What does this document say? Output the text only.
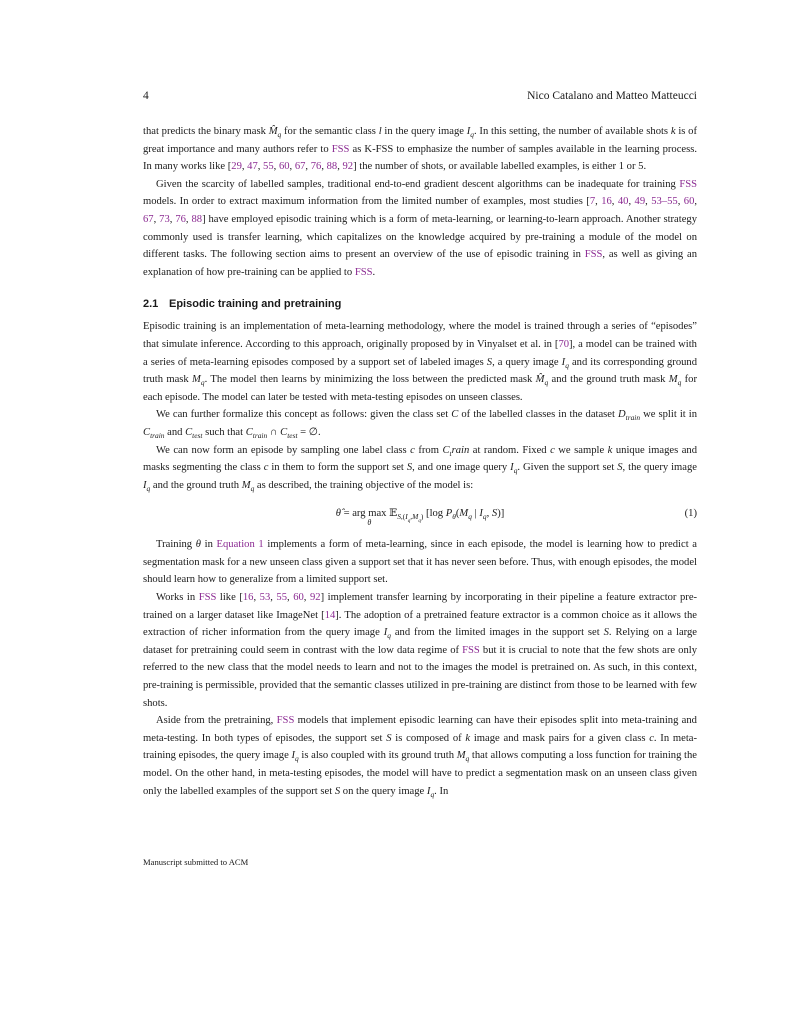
4	Nico Catalano and Matteo Matteucci

that predicts the binary mask $M̂_q$ for the semantic class l in the query image $I_q$. In this setting, the number of available shots k is of great importance and many authors refer to FSS as K-FSS to emphasize the number of samples available in the learning process. In many works like [29, 47, 55, 60, 67, 76, 88, 92] the number of shots, or available labelled examples, is either 1 or 5.

Given the scarcity of labelled samples, traditional end-to-end gradient descent algorithms can be inadequate for training FSS models. In order to extract maximum information from the limited number of examples, most studies [7, 16, 40, 49, 53–55, 60, 67, 73, 76, 88] have employed episodic training which is a form of meta-learning, or learning-to-learn approach. Another strategy commonly used is transfer learning, which capitalizes on the knowledge acquired by pre-training a module of the model on different tasks. The following section aims to present an overview of the use of episodic training in FSS, as well as giving an explanation of how pre-training can be applied to FSS.

2.1 Episodic training and pretraining

Episodic training is an implementation of meta-learning methodology, where the model is trained through a series of “episodes” that simulate inference. According to this approach, originally proposed by in Vinyalset et al. in [70], a model can be trained with a series of meta-learning episodes composed by a support set of labeled images S, a query image $I_q$ and its corresponding ground truth mask $M_q$. The model then learns by minimizing the loss between the predicted mask $M̂_q$ and the ground truth mask $M_q$ for each episode. The model can later be tested with meta-testing episodes on unseen classes.

We can further formalize this concept as follows: given the class set C of the labelled classes in the dataset $D_{train}$ we split it in $C_{train}$ and $C_{test}$ such that $C_{train}$ ∩ $C_{test}$ = ∅.

We can now form an episode by sampling one label class c from $C_train$ at random. Fixed c we sample k unique images and masks segmenting the class c in them to form the support set S, and one image query $I_q$. Given the support set S, the query image $I_q$ and the ground truth $M_q$ as described, the training objective of the model is:

θ̂ = arg max
θ
𝔼$_{S,(I_q,M_q)}$ [log $P_\theta(M_q$ | $I_q$, S)]	(1)

Training θ in Equation 1 implements a form of meta-learning, since in each episode, the model is learning how to predict a segmentation mask for a new unseen class given a support set that it has never seen before. Thus, with enough episodes, the model should learn how to generalize from a limited support set.

Works in FSS like [16, 53, 55, 60, 92] implement transfer learning by incorporating in their pipeline a feature extractor pre-trained on a larger dataset like ImageNet [14]. The adoption of a pretrained feature extractor is a common choice as it allows the extraction of richer information from the query image $I_q$ and from the limited images in the support set S. Relying on a large dataset for pretraining could seem in contrast with the low data regime of FSS but it is crucial to note that the few shots are only referred to the new class that the model needs to learn and not to the images the model is pretrained on. As such, in this context, pre-training is permissible, provided that the semantic classes utilized in pre-training are distinct from those to be learned with few shots.

Aside from the pretraining, FSS models that implement episodic learning can have their episodes split into meta-training and meta-testing. In both types of episodes, the support set S is composed of k image and mask pairs for a given class c. In meta-training episodes, the query image $I_q$ is also coupled with its ground truth $M_q$ that allows computing a loss function for training the model. On the other hand, in meta-testing episodes, the model will have to predict a segmentation mask on an unseen class given only the labelled examples of the support set S on the query image $I_q$. In

Manuscript submitted to ACM
